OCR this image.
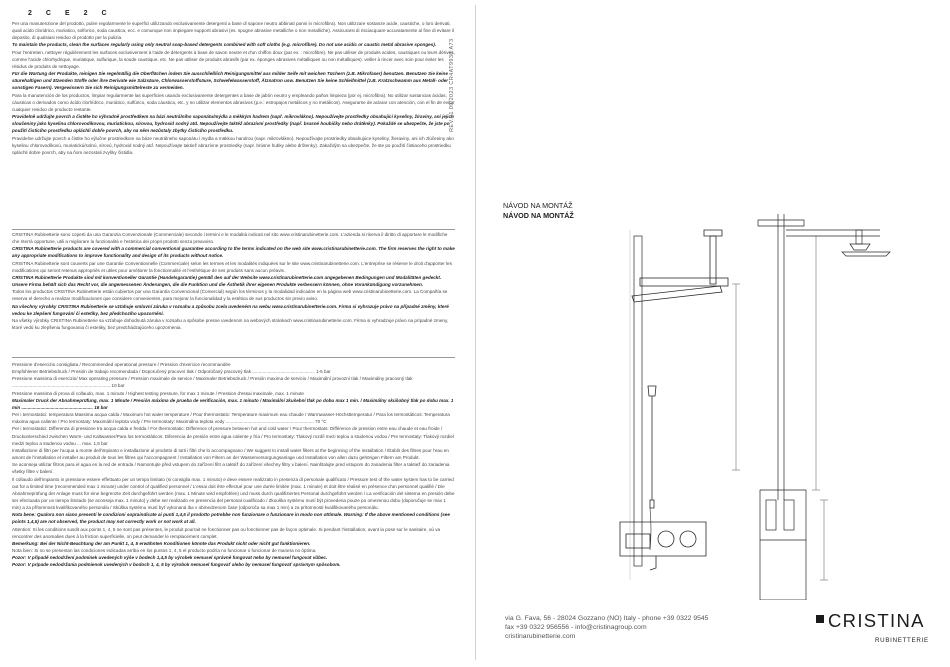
2 C E 2 C

Per una manutenzione del prodotto, pulire regolarmente le superfici utilizzando esclusivamente detergenti a base di sapone neutro abbinati panni in microfibra). Non utilizzare sostanze acide, caustiche, o loro derivati, quali acido cloridrico, muriatico, solforico, soda caustica, ecc. e comunque non impiegare supporti abrasivi (es. spugne abrasive metalliche o non metalliche). Assicurarsi di risciacquare accuratamente al fine di evitare il deposito, di qualsiasi residuo di prodotto per la pulizia.

To maintain the products, clean the surfaces regularly using only neutral soap-based detergents combined with soft cloths (e.g. microfibre). Do not use acidic or caustic metal abrasive sponges).

Pour l'entretien, nettoyer régulièrement les surfaces exclusivement à l'aide de détergents à base de savon neutre et d'un chiffon doux (par ex. : microfibre). Ne pas utiliser de produits acides, caustiques ou leurs dérivés, comme l'acide chlorhydrique, muriatique, sulfurique, la soude caustique, etc. Ne pas utiliser de produits abrasifs (par ex. éponges abrasives métalliques ou non métalliques). veiller à rincer avec soin pour éviter les résidus de produits de nettoyage.

Für die Wartung der Produkte, reinigen Sie regelmäßig die Oberflächen indem Sie ausschließlich Reinigungsmittel aus milder Seife mit weichen Tüchern (z.B. Mikrofaser) benutzen. Benutzen Sie keine säurehaltigen und ätzenden Stoffe oder ihre Derivate wie Salzsäure, Chlorwasserstoffsäure, Schwefelwasserstoff, Ätznatron usw. Benutzen Sie keine Schleifmittel (z.B. Kratzschwamm aus Metall- oder sonstigen Fasern). Vergewissern Sie sich Reinigungsmittelreste zu vermeiden.

Para la manutención de los productos, limpiar regularmente las superficies usando exclusivamente detergentes a base de jabón neutro y empleando paños limpieza (por ej. microfibra). No utilizar sustancias ácidas, cáusticas o derivados como ácido clorhídrico, muriático, sulfúrico, soda cáustica, etc. y no utilizar elementos abrasivos (p.e.: estropajos metálicos y no metálicos). Asegurarse de aclarar con atención, con el fin de evitar cualquier residuo de producto restante.

Pravidelně udržujte povrch a čistěte ho výhradně prostředkem na bázi neutrálního saponátu/mýdla a měkkým hadrem (např. mikrovlákno). Nepoužívejte prostředky obsahující kyseliny, žíraviny, ani jejich sloučeniny jako kyselinu chlorovodíkovou, muriatickou, sírovou, hydroxid sodný atd. Nepoužívejte taktéž abrazivní prostředky (např. brusné houbičky nebo drátěnky). Pokaždé se ubezpečte, že jste po použití čisticího prostředku opláchli dobře povrch, aby na něm nezůstaly zbytky čisticího prostředku.

Pravidelne udržujte povrch a čistite ho výlučne prostriedkom na báze neutrálneho saponátu / mydla a mäkkou handrou (napr. mikrovlákno). Nepoužívajte prostriedky obsahujúce kyseliny, žieraviny, ani ich zlúčeniny ako kyselinu chlorovodíkovú, muriatickú/solnú, sírovú, hydroxid sodný atď. Nepoužívajte taktiež abrazívne prostriedky (napr. brúsne hubky alebo drôtenky). Zakaždým sa ubezpečte, že ste po použití čistiaceho prostriedku opláchli dobre povrch, aby na ňom nezostali zvyšky čistidla.

CRISTINA Rubinetterie sono coperti da una Garanzia Convenzionale (Commerciale) secondo i termini e le modalità indicati nel sito www.cristinarubinetterie.com. L'azienda si riserva il diritto di apportare le modifiche che riterrà opportune, utili a migliorare la funzionalità e l'estetica dei propri prodotti senza preavviso.

CRISTINA Rubinetterie products are covered with a commercial conventional guarantee according to the terms indicated on the web site www.cristinarubinetterie.com. The firm reserves the right to make any appropriate modifications to improve functionality and design of its products without notice.

CRISTINA Rubinetterie sont couverts par une Garantie Conventionnelle (Commerciale) selon les termes et les modalités indiquées sur le site www.cristinarubinetterie.com. L'entreprise se réserve le droit d'apporter les modifications qui seront retenus appropriés et utiles pour améliorer la fonctionnalité et l'esthétique de ses produits sans aucun préavis.

CRISTINA Rubinetterie Produkte sind mit konventioneller Garantie (Handelsgarantie) gemäß den auf der Website www.cristinarubinetterie.com angegebenen Bedingungen und Modalitäten gedeckt. Unsere Firma behält sich das Recht vor, die angemessenen Änderungen, die die Funktion und die Ästhetik ihrer eigenen Produkte verbessern können, ohne Vorankündigung vorzunehmen.

Todos los productos CRISTINA Rubinetterie están cubiertos por una Garantía Convencional (Comercial) según los términos y la modalidad indicados en la página web www.cristinarubinetterie.com. La Compañía se reserva el derecho a realizar modificaciones que considere convenientes, para mejorar la funcionalidad y la estética de sus productos sin previo aviso.

Na všechny výrobky CRISTINA Rubinetterie se vztahuje smluvní záruka v rozsahu a způsobu zcela uvedeném na webu www.cristinarubinetterie.com. Firma si vyhrazuje právo na případné změny, které vedou ke zlepšení fungování či estetiky, bez předchozího upozornění.

Na všetky výrobky CRISTINA Rubinetterie sa vzťahuje dohodnutá záruka v rozsahu a spôsobe presne uvedenom na webových stránkach www.cristinarubinetterie.com. Firma si vyhradzuje právo na prípadné zmeny, ktoré vedú ku zlepšeniu fungovania či estetiky, bez predchádzajúceho upozornenia.

Pressione d'esercizio consigliata / Recommended operational pressure / Pression d'exercice recommandée

Empfohlener Betriebsdruck / Presión de trabajo recomendada / Doporučený pracovní tlak / Odporúčaný pracovný tlak ................................................. 1-5 bar

Pressione massima di esercizio/ Max operating pressure / Pression maximale de service / Maximaler Betriebsdruck / Presión maxima de servicio / Maximální provozní tlak / Maximálny pracovný tlak ............................................................................. 10 bar

Pressione massima di prova di collaudo, max. 1 minuto / Highest testing pressure, for max 1 minute / Pression d'essai maximale, max. 1 minute

Maximaler Druck der Abnahmeprüfung, max. 1 Minute / Presión máxima de prueba de verificación, max. 1 minuto / Maximální zkušební tlak po dobu max 1 min. / Maximálny skúšobný tlak po dobu max. 1 min ........................................................ 16 bar

Per i termostatici: temperatura Massima acqua calda / Maximum hot water temperature / Pour thermostatic: Temperature maximum eau chaude / Warmwasser-Höchsttemperatur / Para los termostáticos: Temperatura máxima agua caliente / Pro termostaty: Maximální teplota vody / Pre termostaty: Maximálna teplota vody ..................................................................... 70 °C

Per i termostatici: Differenza di pressione tra acqua calda e fredda / For thermostatic: Difference of pressure between hot and cold water / Pour thermostats: Différence de pression entre eau chaude et eau froide / Druckunterschied zwischen Warm- und Kaltwasser/Para los termostáticos: Diferencia de presión entre agua caliente y fría / Pro termostaty: Tlakový rozdíl mezi teplou a studenou vodou / Pre termostaty: Tlakový rozdiel medzi teplou a studenou vodou ... max. 1,5 bar

Installazione di filtri per l'acqua a monte dell'impianto e installazione al prodotto di tutti i filtri che lo accompagnano / We suggest to install water filters at the beginning of the installation / Établir des filtres pour l'eau en amont de l'installation et installer au produit de tous les filtres qui l'accompagnent / Installation von Filtern an der Wasserversorgungsanlage und Installation von allen dazu gehörigen Filtern am Produkt.

Se aconseja utilizar filtros para el agua en la red de entrada / Namontujte před vstupem do zařízení filtr a taktéž do zařízení všechny filtry v balení. Nainštalujte pred vstupom do zariadenia filter a taktiež do zariadenia všetky filtre v balení.

Il collaudo dell'impianto in pressione essere effettuato per un tempo limitato (si consiglia max. 1 minuto) e deve essere realizzato in presenza di personale qualificato / Pressure test of the water system has to be carried out for a limited time (recommended max 1 minute) under control of qualified personnel / L'essai doit être effectué pour une durée limitée (max. 1 minute) et doit être réalisé en présence d'un personnel qualifié / Die Abnahmeprüfung der Anlage muss für eine begrenzte Zeit durchgeführt werden (max. 1 Minute wird empfohlen) und muss durch qualifiziertes Personal durchgeführt werden / La verificación del sistema en presión debe ser efectuada por un tiempo limitado (se aconseja max. 1 minuto) y debe ser realizado en presencia del personal cualificado / Zkouška systému musí být provedena pouze po omezenou dobu (doporučuje se max 1 min) a za přítomnosti kvalifikovaného personálu / Skúška systému musí byť vykonaná iba v obmedzenom čase (odporúča sa max 1 min) a za prítomnosti kvalifikovaného personálu.

Nota bene: Qualora non siano presenti le condizioni sopraindicate ai punti 1,4,5 il prodotto potrebbe non funzionare o funzionare in modo non ottimale. Warning: If the above mentioned conditions (see points 1,4,5) are not observed, the product may not correctly work or not work at all.

Attention: Si les conditions susdit aux points 1, 4, 5 ne sont pas présentes, le produit pourrait ne fonctionner pas ou fonctionner pas de façon optimale. Si pendant l'installation, avant la pose sur le sanitaire, où va rencontrer des anomalies dues à la friction superficielle, on peut demander le remplacement complet.

Bemerkung: Bei der Nicht-Beachtung der am Punkt 1, 4, 5 erwähnten Konditionen könnte das Produkt nicht oder nicht gut funktionieren.

Nota bien: Si no se presentan las condiciones indicadas arriba en los puntos 1, 4, 5 el producto podría no funcionar o funcionar de manera no óptima.

Pozor: V případě nedodržení podmínek uvedených výše v bodech 1,4,5 by výrobek nemusel správně fungovat nebo by nemusel fungovat vůbec.

Pozor: V prípade nedodržania podmienok uvedených v bodoch 1, 4, 5 by výrobok nemusel fungovať alebo by nemusel fungovať správnym spôsobom.

REV.01 09/2023 CR4AT9930 A73
NÁVOD NA MONTÁŽ
NÁVOD NA MONTÁŽ
via G. Fava, 56 - 28024 Gozzano (NO) Italy - phone +39 0322 9545
fax +39 0322 956556 - info@cristinagroup.com
cristinarubinetterie.com
CRISTINA
RUBINETTERIE
